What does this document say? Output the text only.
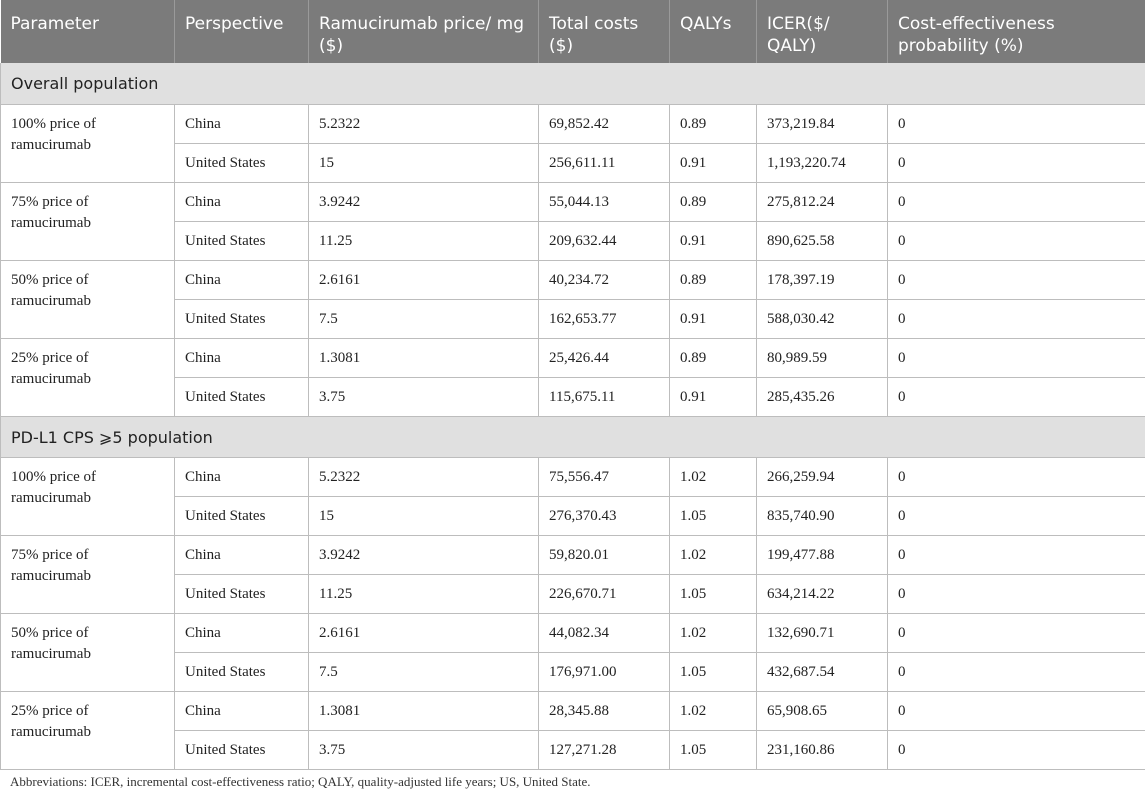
Parameter	Perspective	Ramucirumab price/ mg ($)	Total costs ($)	QALYs	ICER($/ QALY)	Cost-effectiveness probability (%)
Overall population						
100% price of ramucirumab	China	5.2322	69,852.42	0.89	373,219.84	0
	United States	15	256,611.11	0.91	1,193,220.74	0
75% price of ramucirumab	China	3.9242	55,044.13	0.89	275,812.24	0
	United States	11.25	209,632.44	0.91	890,625.58	0
50% price of ramucirumab	China	2.6161	40,234.72	0.89	178,397.19	0
	United States	7.5	162,653.77	0.91	588,030.42	0
25% price of ramucirumab	China	1.3081	25,426.44	0.89	80,989.59	0
	United States	3.75	115,675.11	0.91	285,435.26	0
PD-L1 CPS ⩾5 population						
100% price of ramucirumab	China	5.2322	75,556.47	1.02	266,259.94	0
	United States	15	276,370.43	1.05	835,740.90	0
75% price of ramucirumab	China	3.9242	59,820.01	1.02	199,477.88	0
	United States	11.25	226,670.71	1.05	634,214.22	0
50% price of ramucirumab	China	2.6161	44,082.34	1.02	132,690.71	0
	United States	7.5	176,971.00	1.05	432,687.54	0
25% price of ramucirumab	China	1.3081	28,345.88	1.02	65,908.65	0
	United States	3.75	127,271.28	1.05	231,160.86	0
Abbreviations: ICER, incremental cost-effectiveness ratio; QALY, quality-adjusted life years; US, United State.
